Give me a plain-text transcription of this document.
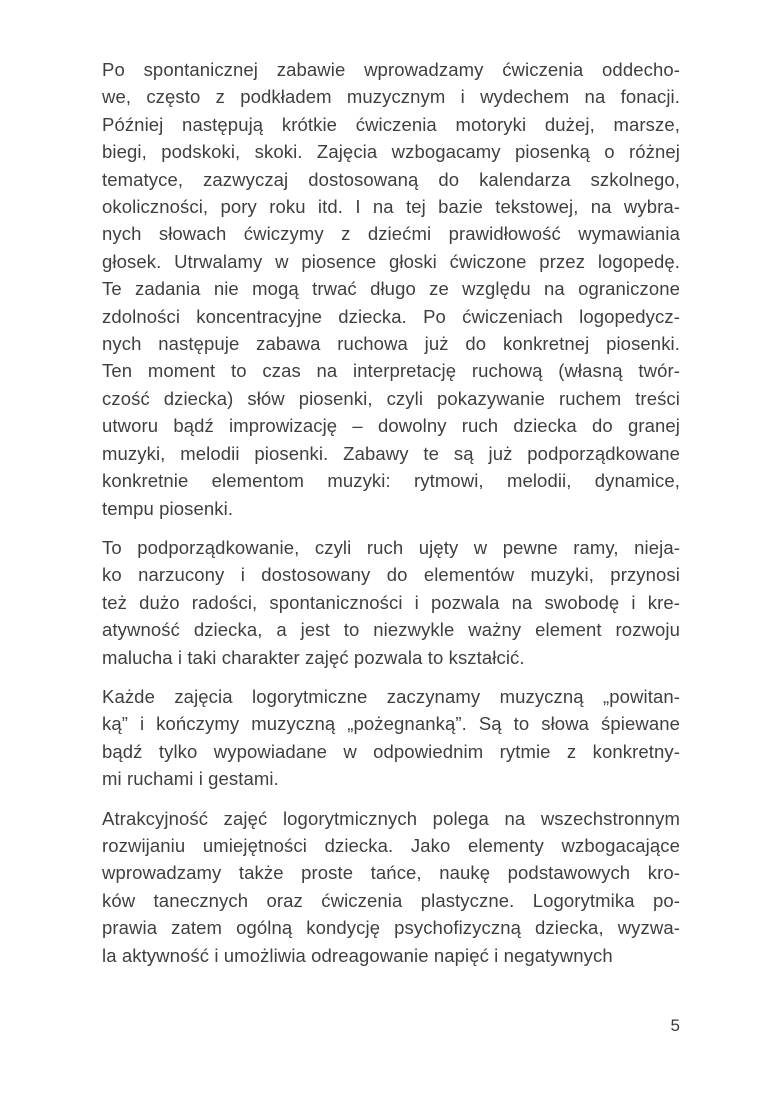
Po spontanicznej zabawie wprowadzamy ćwiczenia oddecho-
we, często z podkładem muzycznym i wydechem na fonacji.
Później następują krótkie ćwiczenia motoryki dużej, marsze,
biegi, podskoki, skoki. Zajęcia wzbogacamy piosenką o różnej
tematyce, zazwyczaj dostosowaną do kalendarza szkolnego,
okoliczności, pory roku itd. I na tej bazie tekstowej, na wybra-
nych słowach ćwiczymy z dziećmi prawidłowość wymawiania
głosek. Utrwalamy w piosence głoski ćwiczone przez logopedę.
Te zadania nie mogą trwać długo ze względu na ograniczone
zdolności koncentracyjne dziecka. Po ćwiczeniach logopedycz-
nych następuje zabawa ruchowa już do konkretnej piosenki.
Ten moment to czas na interpretację ruchową (własną twór-
czość dziecka) słów piosenki, czyli pokazywanie ruchem treści
utworu bądź improwizację – dowolny ruch dziecka do granej
muzyki, melodii piosenki. Zabawy te są już podporządkowane
konkretnie elementom muzyki: rytmowi, melodii, dynamice,
tempu piosenki.

To podporządkowanie, czyli ruch ujęty w pewne ramy, nieja-
ko narzucony i dostosowany do elementów muzyki, przynosi
też dużo radości, spontaniczności i pozwala na swobodę i kre-
atywność dziecka, a jest to niezwykle ważny element rozwoju
malucha i taki charakter zajęć pozwala to kształcić.

Każde zajęcia logorytmiczne zaczynamy muzyczną „powitan-
ką” i kończymy muzyczną „pożegnanką”. Są to słowa śpiewane
bądź tylko wypowiadane w odpowiednim rytmie z konkretny-
mi ruchami i gestami.

Atrakcyjność zajęć logorytmicznych polega na wszechstronnym
rozwijaniu umiejętności dziecka. Jako elementy wzbogacające
wprowadzamy także proste tańce, naukę podstawowych kro-
ków tanecznych oraz ćwiczenia plastyczne. Logorytmika po-
prawia zatem ogólną kondycję psychofizyczną dziecka, wyzwa-
la aktywność i umożliwia odreagowanie napięć i negatywnych

5
